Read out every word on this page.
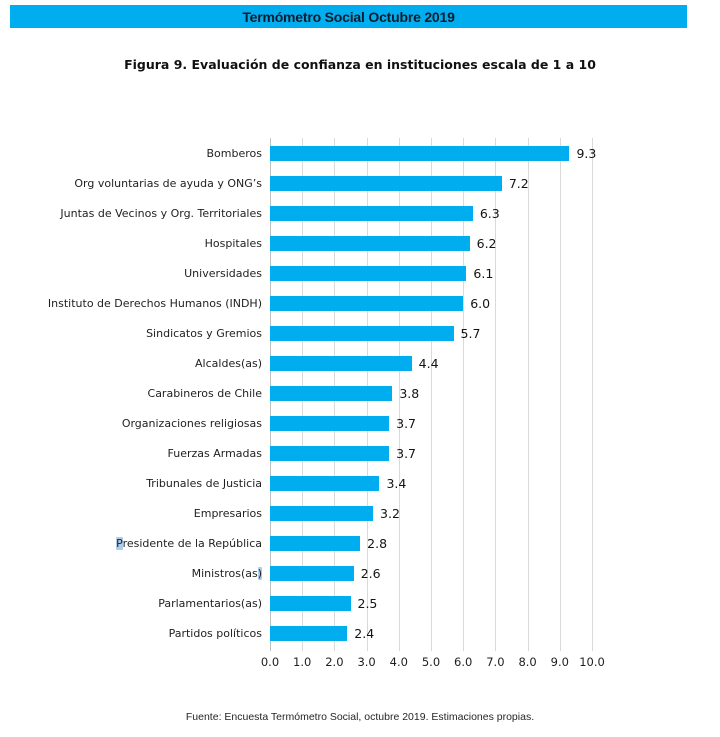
Termómetro Social Octubre 2019
Figura 9. Evaluación de confianza en instituciones escala de 1 a 10
Bomberos	9.3
Org voluntarias de ayuda y ONG’s	7.2
Juntas de Vecinos y Org. Territoriales	6.3
Hospitales	6.2
Universidades	6.1
Instituto de Derechos Humanos (INDH)	6.0
Sindicatos y Gremios	5.7
Alcaldes(as)	4.4
Carabineros de Chile	3.8
Organizaciones religiosas	3.7
Fuerzas Armadas	3.7
Tribunales de Justicia	3.4
Empresarios	3.2
Presidente de la República	2.8
Ministros(as)	2.6
Parlamentarios(as)	2.5
Partidos políticos	2.4
0.0 1.0 2.0 3.0 4.0 5.0 6.0 7.0 8.0 9.0 10.0
Fuente: Encuesta Termómetro Social, octubre 2019. Estimaciones propias.
